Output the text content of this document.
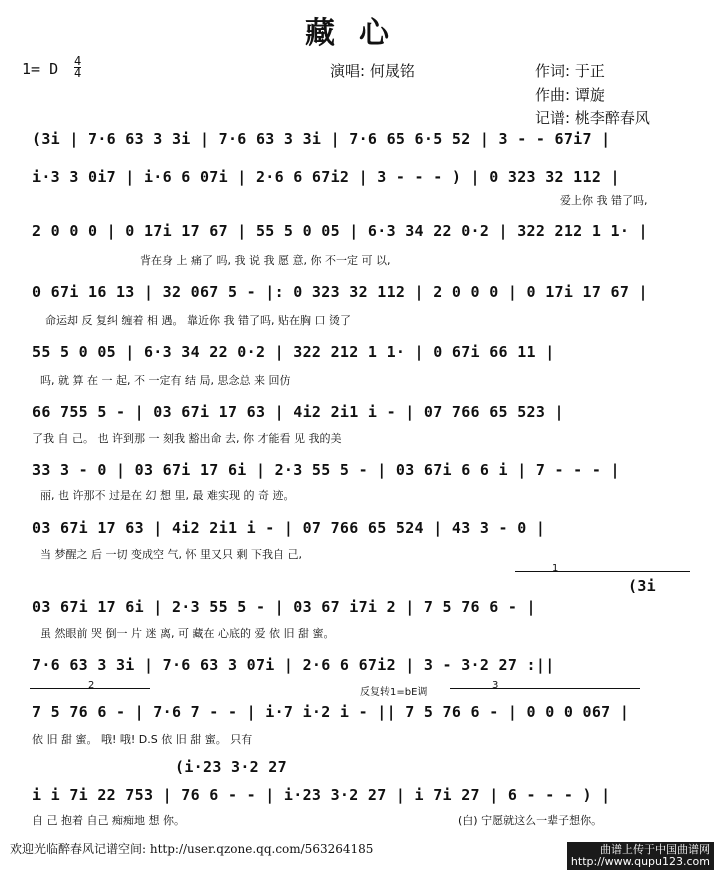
藏心
1= D $\frac{4}{4}$	演唱: 何晟铭	作词: 于正
作曲: 谭旋
记谱: 桃李醉春风
(3i | 7·6 63 3 3i | 7·6 63 3 3i | 7·6 65 6·5 52 | 3 - - 67i7 |
i·3 3 0i7 | i·6 6 07i | 2·6 6 67i2 | 3 - - - ) | 0 323 32 112 |
爱上你 我 错了吗,
2 0 0 0 | 0 17i 17 67 | 55 5 0 05 | 6·3 34 22 0·2 | 322 212 1 1· |
背在身 上 痛了 吗, 我 说 我 愿 意, 你 不一定 可 以,
0 67i 16 13 | 32 067 5 - |: 0 323 32 112 | 2 0 0 0 | 0 17i 17 67 |
命运却 反 复纠 缠着 相 遇。 靠近你 我 错了吗, 贴在胸 口 烫了
55 5 0 05 | 6·3 34 22 0·2 | 322 212 1 1· | 0 67i 66 11 |
吗, 就 算 在 一 起, 不 一定有 结 局, 思念总 来 回仿
66 755 5 - | 03 67i 17 63 | 4i2 2i1 i - | 07 766 65 523 |
了我 自 己。 也 许到那 一 刻我 豁出命 去, 你 才能看 见 我的美
33 3 - 0 | 03 67i 17 6i | 2·3 55 5 - | 03 67i 6 6 i | 7 - - - |
丽, 也 许那不 过是在 幻 想 里, 最 难实现 的 奇 迹。
03 67i 17 63 | 4i2 2i1 i - | 07 766 65 524 | 43 3 - 0 |
当 梦醒之 后 一切 变成空 气, 怀 里又只 剩 下我自 己,
1
(3i
03 67i 17 6i | 2·3 55 5 - | 03 67 i7i 2 | 7 5 76 6 - |
虽 然眼前 哭 倒一 片 迷 离, 可 藏在 心底的 爱 依 旧 甜 蜜。
7·6 63 3 3i | 7·6 63 3 07i | 2·6 6 67i2 | 3 - 3·2 27 :||
2
反复转1=bE调
3
7 5 76 6 - | 7·6 7 - - | i·7 i·2 i - || 7 5 76 6 - | 0 0 0 067 |
依 旧 甜 蜜。 哦! 哦! D.S 依 旧 甜 蜜。 只有
(i·23 3·2 27
i i 7i 22 753 | 76 6 - - | i·23 3·2 27 | i 7i 27 | 6 - - - ) |
自 己 抱着 自己 痴痴地 想 你。	(白) 宁愿就这么一辈子想你。
欢迎光临醉春风记谱空间: http://user.qzone.qq.com/563264185	曲谱上传于中国曲谱网
http://www.qupu123.com
